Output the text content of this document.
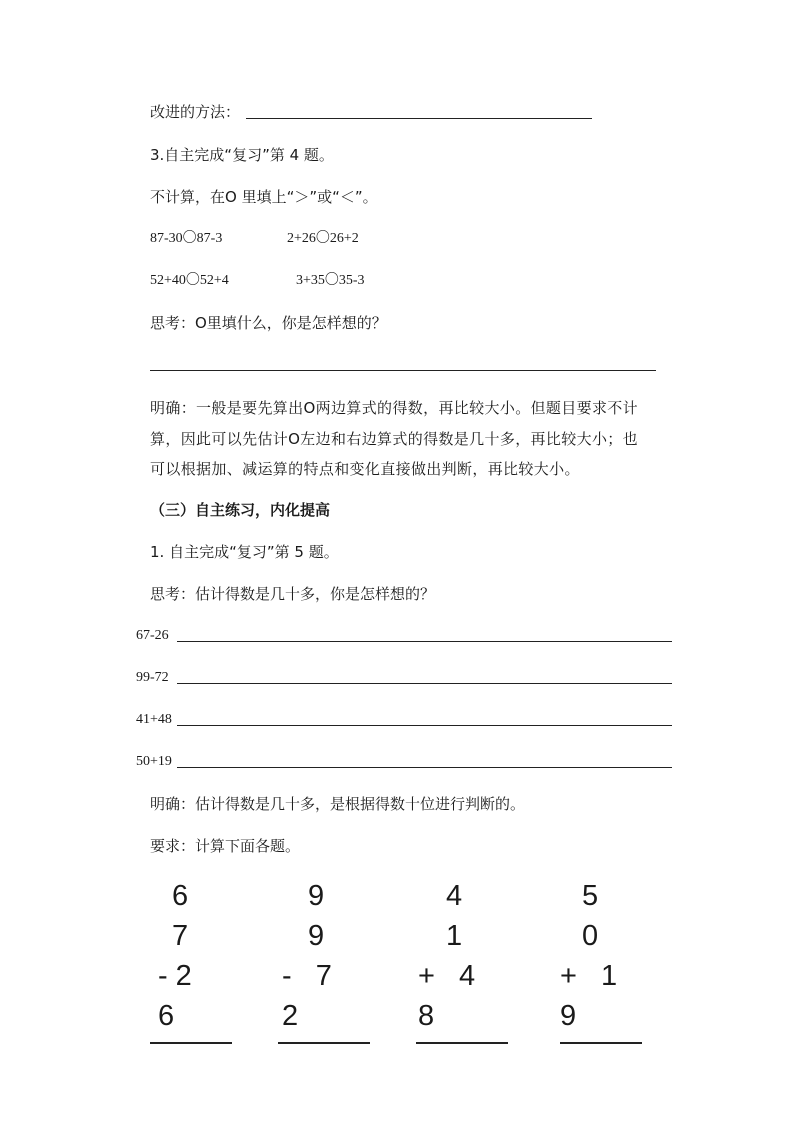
改进的方法：
3.自主完成“复习”第 4 题。
不计算，在O 里填上“＞”或“＜”。
87-30〇87-3	2+26〇26+2
52+40〇52+4	3+35〇35-3
思考：O里填什么，你是怎样想的？
明确：一般是要先算出O两边算式的得数，再比较大小。但题目要求不计
算，因此可以先估计O左边和右边算式的得数是几十多，再比较大小；也
可以根据加、减运算的特点和变化直接做出判断，再比较大小。
（三）自主练习，内化提高
1. 自主完成“复习”第 5 题。
思考：估计得数是几十多，你是怎样想的？
67-26
99-72
41+48
50+19
明确：估计得数是几十多，是根据得数十位进行判断的。
要求：计算下面各题。
6 7
-2 6
9 9
- 7 2
4 1
+ 4 8
5 0
+ 1 9
